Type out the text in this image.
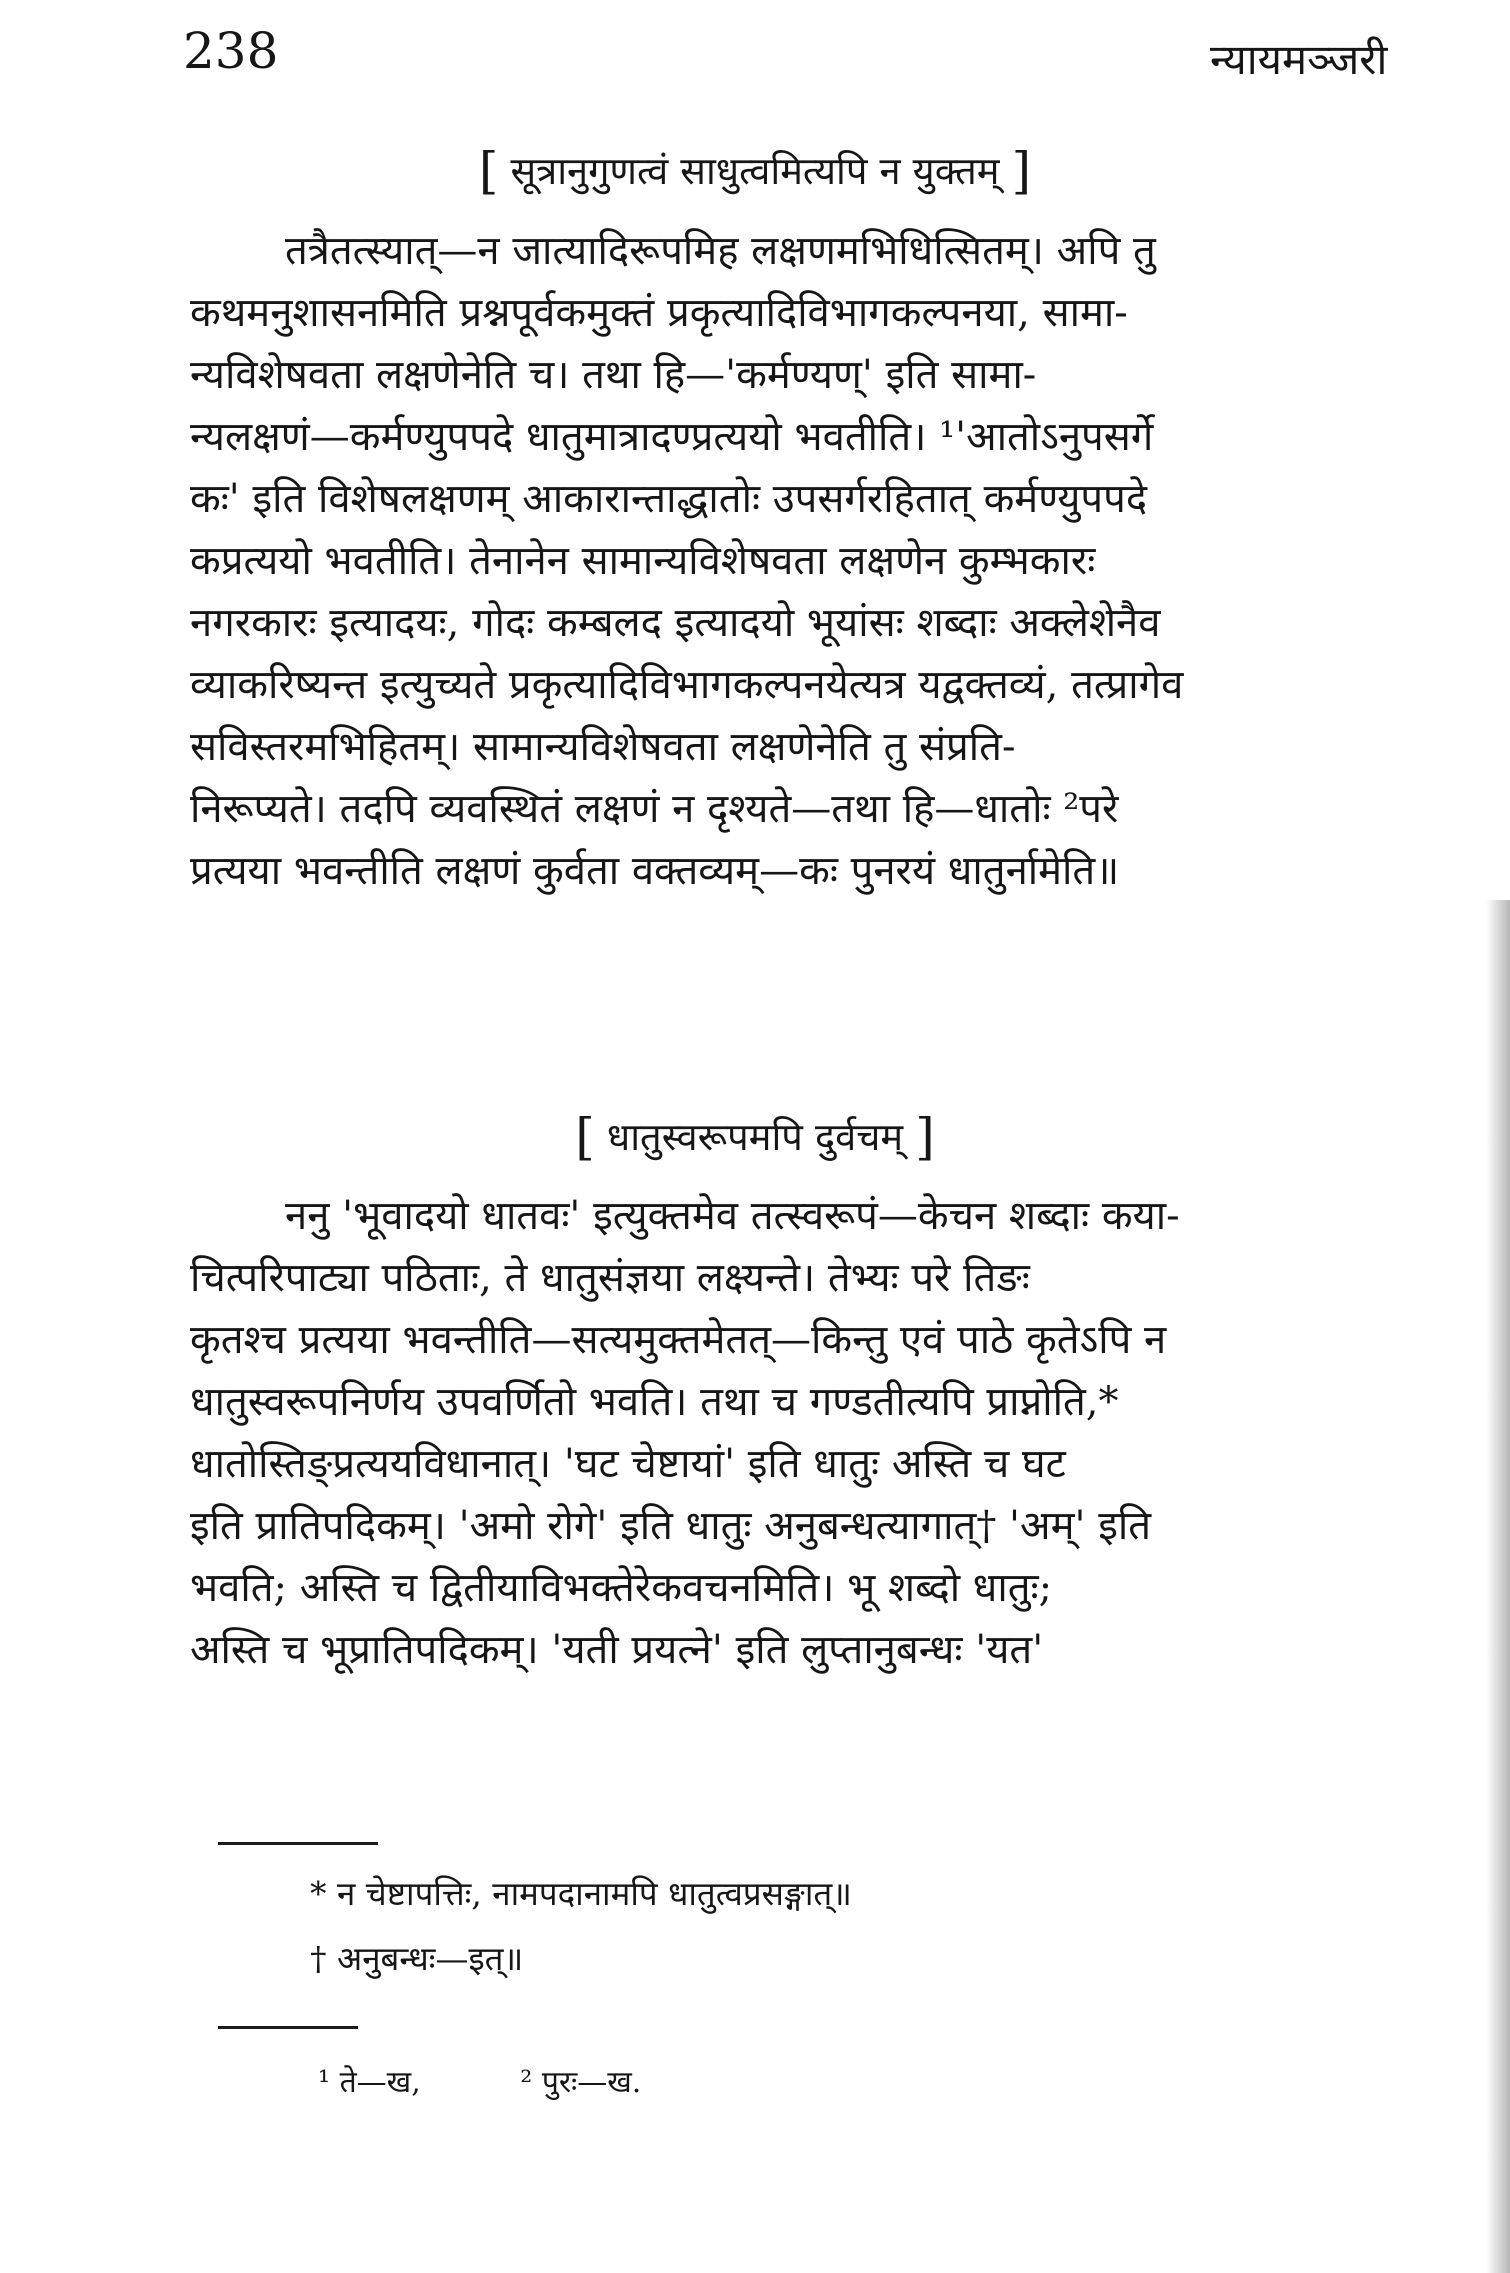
238	न्यायमञ्जरी
[ सूत्रानुगुणत्वं साधुत्वमित्यपि न युक्तम् ]
तत्रैतत्स्यात्—न जात्यादिरूपमिह लक्षणमभिधित्सितम्। अपि तु
कथमनुशासनमिति प्रश्नपूर्वकमुक्तं प्रकृत्यादिविभागकल्पनया, सामा-
न्यविशेषवता लक्षणेनेति च। तथा हि—'कर्मण्यण्' इति सामा-
न्यलक्षणं—कर्मण्युपपदे धातुमात्रादण्प्रत्ययो भवतीति। ¹'आतोऽनुपसर्गे
कः' इति विशेषलक्षणम् आकारान्ताद्धातोः उपसर्गरहितात् कर्मण्युपपदे
कप्रत्ययो भवतीति। तेनानेन सामान्यविशेषवता लक्षणेन कुम्भकारः
नगरकारः इत्यादयः, गोदः कम्बलद इत्यादयो भूयांसः शब्दाः अक्लेशेनैव
व्याकरिष्यन्त इत्युच्यते प्रकृत्यादिविभागकल्पनयेत्यत्र यद्वक्तव्यं, तत्प्रागेव
सविस्तरमभिहितम्। सामान्यविशेषवता लक्षणेनेति तु संप्रति-
निरूप्यते। तदपि व्यवस्थितं लक्षणं न दृश्यते—तथा हि—धातोः ²परे
प्रत्यया भवन्तीति लक्षणं कुर्वता वक्तव्यम्—कः पुनरयं धातुर्नामेति॥
[ धातुस्वरूपमपि दुर्वचम् ]
ननु 'भूवादयो धातवः' इत्युक्तमेव तत्स्वरूपं—केचन शब्दाः कया-
चित्परिपाट्या पठिताः, ते धातुसंज्ञया लक्ष्यन्ते। तेभ्यः परे तिङः
कृतश्च प्रत्यया भवन्तीति—सत्यमुक्तमेतत्—किन्तु एवं पाठे कृतेऽपि न
धातुस्वरूपनिर्णय उपवर्णितो भवति। तथा च गण्डतीत्यपि प्राप्नोति,*
धातोस्तिङ्प्रत्ययविधानात्। 'घट चेष्टायां' इति धातुः अस्ति च घट
इति प्रातिपदिकम्। 'अमो रोगे' इति धातुः अनुबन्धत्यागात्† 'अम्' इति
भवति; अस्ति च द्वितीयाविभक्तेरेकवचनमिति। भू शब्दो धातुः;
अस्ति च भूप्रातिपदिकम्। 'यती प्रयत्ने' इति लुप्तानुबन्धः 'यत'
* न चेष्टापत्तिः, नामपदानामपि धातुत्वप्रसङ्गात्॥
† अनुबन्धः—इत्॥
¹ ते—ख,	² पुरः—ख.
